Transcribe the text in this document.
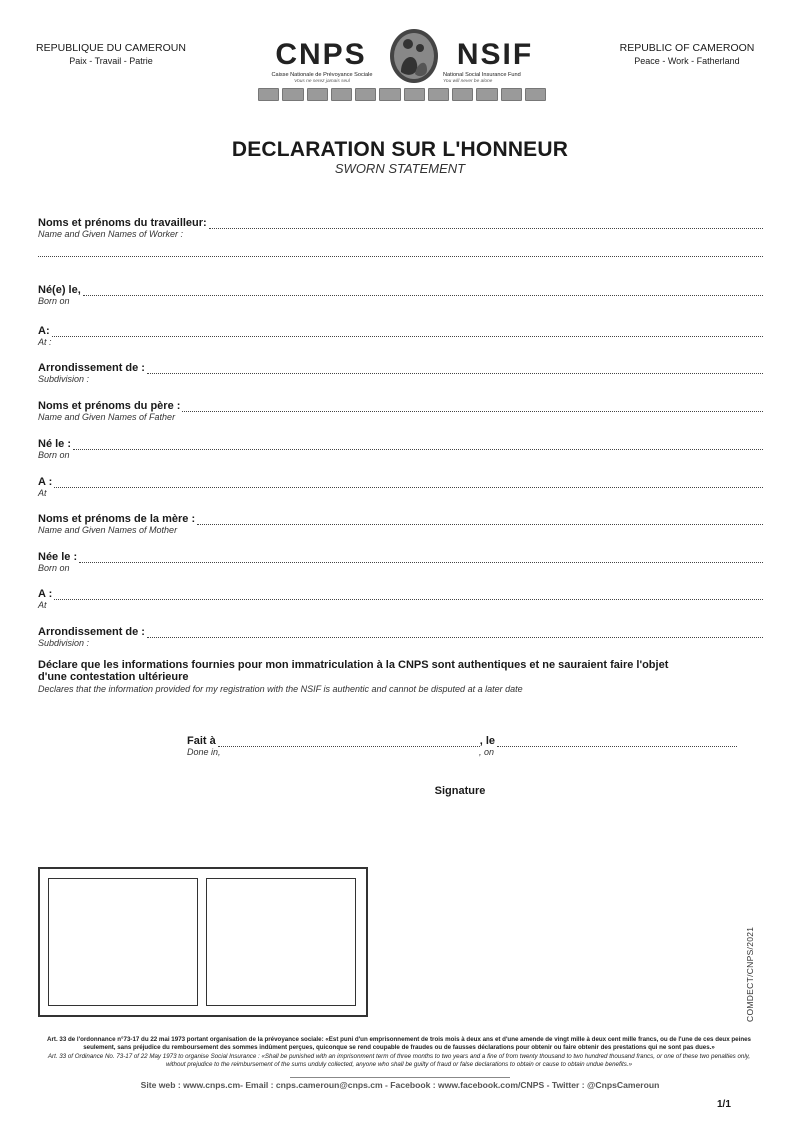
REPUBLIQUE DU CAMEROUN
Paix - Travail - Patrie	CNPS	NSIF
Caisse Nationale de Prévoyance Sociale
Vous ne serez jamais seul
National Social Insurance Fund
You will never be alone
REPUBLIC OF CAMEROON
Peace - Work - Fatherland
DECLARATION SUR L'HONNEUR
SWORN STATEMENT
Noms et prénoms du travailleur:
Name and Given Names of Worker :
Né(e) le,
Born on
A:
At :
Arrondissement de :
Subdivision :
Noms et prénoms du père :
Name and Given Names of Father
Né le :
Born on
A :
At
Noms et prénoms de la mère :
Name and Given Names of Mother
Née le :
Born on
A :
At
Arrondissement de :
Subdivision :
Déclare que les informations fournies pour mon immatriculation à la CNPS sont authentiques et ne sauraient faire l'objet
d'une contestation ultérieure
Declares that the information provided for my registration with the NSIF is authentic and cannot be disputed at a later date
Fait à	, le
Done in,	, on
Signature
COMDECT/CNPS/2021
Art. 33 de l'ordonnance n°73-17 du 22 mai 1973 portant organisation de la prévoyance sociale: «Est puni d'un emprisonnement de trois mois à deux ans et d'une amende de vingt mille à deux cent mille francs, ou de l'une de ces deux peines seulement, sans préjudice du remboursement des sommes indûment perçues, quiconque se rend coupable de fraudes ou de fausses déclarations pour obtenir ou faire obtenir des prestations qui ne sont pas dues.»
Art. 33 of Ordinance No. 73-17 of 22 May 1973 to organise Social Insurance : «Shall be punished with an imprisonment term of three months to two years and a fine of from twenty thousand to two hundred thousand francs, or one of these two penalties only, without prejudice to the reimbursement of the sums unduly collected, anyone who shall be guilty of fraud or false declarations to obtain or cause to obtain undue benefits.»
Site web : www.cnps.cm- Email : cnps.cameroun@cnps.cm - Facebook : www.facebook.com/CNPS - Twitter : @CnpsCameroun
1/1
